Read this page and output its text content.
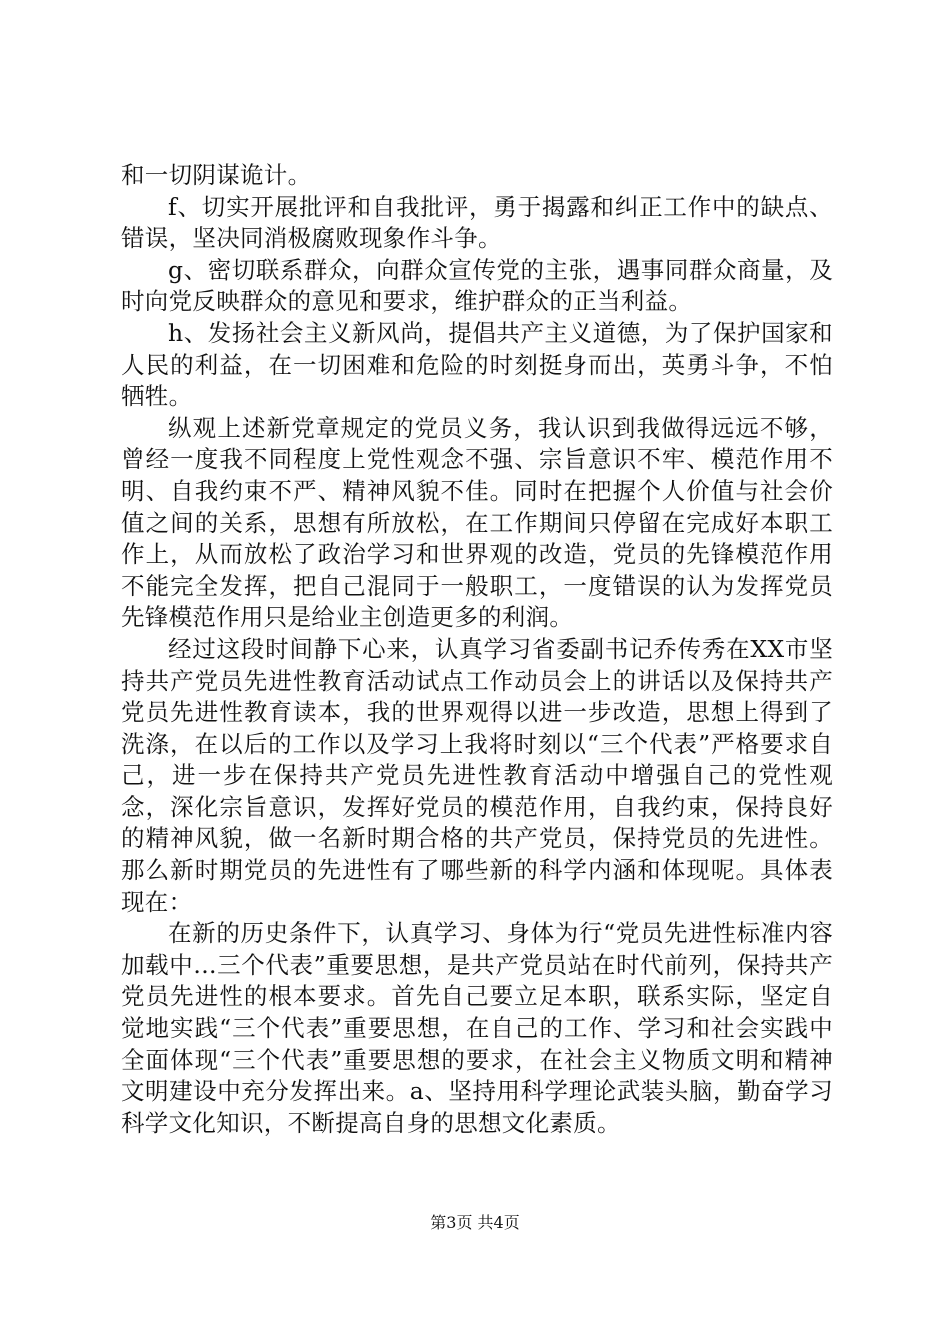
和一切阴谋诡计。

f、切实开展批评和自我批评，勇于揭露和纠正工作中的缺点、错误，坚决同消极腐败现象作斗争。

g、密切联系群众，向群众宣传党的主张，遇事同群众商量，及时向党反映群众的意见和要求，维护群众的正当利益。

h、发扬社会主义新风尚，提倡共产主义道德，为了保护国家和人民的利益，在一切困难和危险的时刻挺身而出，英勇斗争，不怕牺牲。

纵观上述新党章规定的党员义务，我认识到我做得远远不够，曾经一度我不同程度上党性观念不强、宗旨意识不牢、模范作用不明、自我约束不严、精神风貌不佳。同时在把握个人价值与社会价值之间的关系，思想有所放松，在工作期间只停留在完成好本职工作上，从而放松了政治学习和世界观的改造，党员的先锋模范作用不能完全发挥，把自己混同于一般职工，一度错误的认为发挥党员先锋模范作用只是给业主创造更多的利润。

经过这段时间静下心来，认真学习省委副书记乔传秀在XX市坚持共产党员先进性教育活动试点工作动员会上的讲话以及保持共产党员先进性教育读本，我的世界观得以进一步改造，思想上得到了洗涤，在以后的工作以及学习上我将时刻以“三个代表”严格要求自己，进一步在保持共产党员先进性教育活动中增强自己的党性观念，深化宗旨意识，发挥好党员的模范作用，自我约束，保持良好的精神风貌，做一名新时期合格的共产党员，保持党员的先进性。那么新时期党员的先进性有了哪些新的科学内涵和体现呢。具体表现在：

在新的历史条件下，认真学习、身体为行“党员先进性标准内容加载中...三个代表”重要思想，是共产党员站在时代前列，保持共产党员先进性的根本要求。首先自己要立足本职，联系实际，坚定自觉地实践“三个代表”重要思想，在自己的工作、学习和社会实践中全面体现“三个代表”重要思想的要求，在社会主义物质文明和精神文明建设中充分发挥出来。a、坚持用科学理论武装头脑，勤奋学习科学文化知识，不断提高自身的思想文化素质。

第3页 共4页
